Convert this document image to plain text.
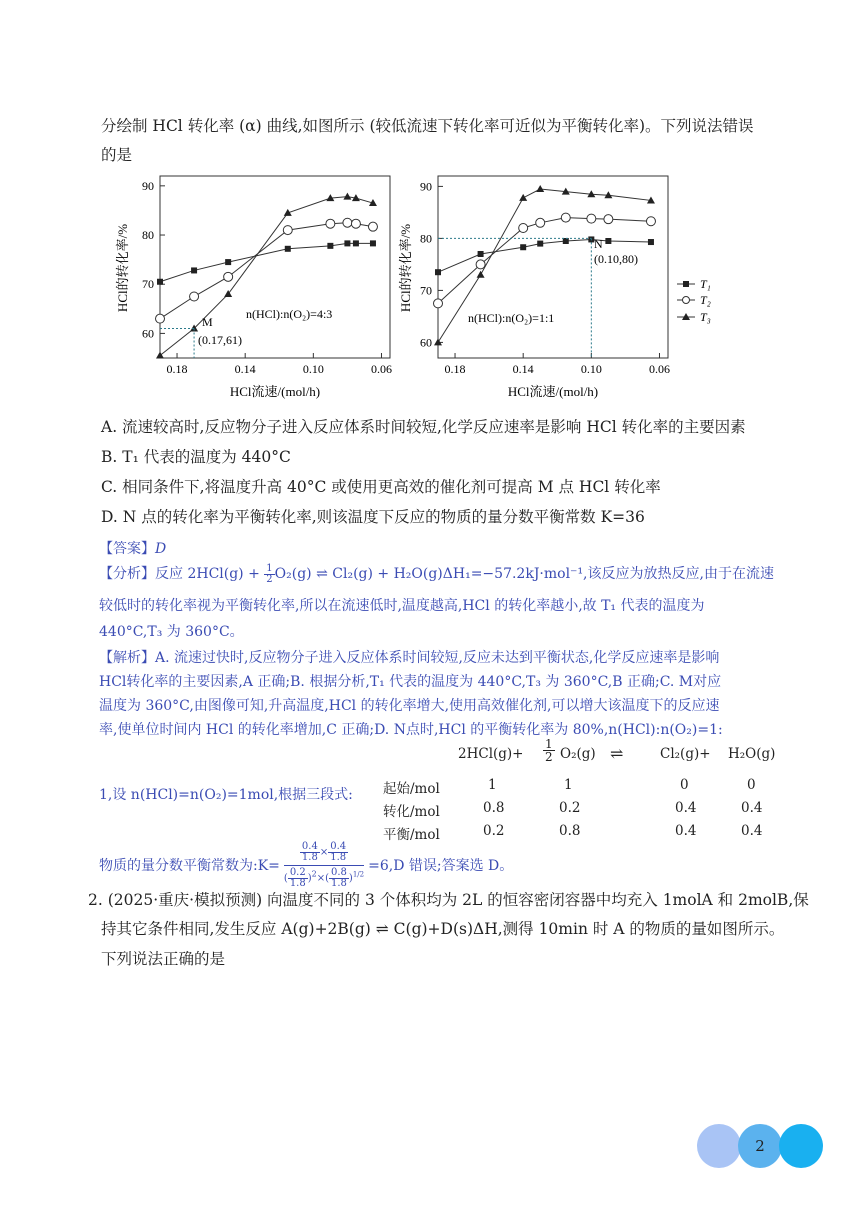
分绘制 HCl 转化率 (α) 曲线,如图所示 (较低流速下转化率可近似为平衡转化率)。下列说法错误
的是
90
80
70
60
0.18	0.14	0.10	0.06
90
80
70
60
0.18	0.14	0.10	0.06
HCl的转化率/%	HCl的转化率/%
HCl流速/(mol/h)	HCl流速/(mol/h)
n(HCl):n(O₂)=4:3	n(HCl):n(O₂)=1:1
M
(0.17,61)
N
(0.10,80)
T₁
T₂
T₃
A. 流速较高时,反应物分子进入反应体系时间较短,化学反应速率是影响 HCl 转化率的主要因素
B. T₁ 代表的温度为 440°C
C. 相同条件下,将温度升高 40°C 或使用更高效的催化剂可提高 M 点 HCl 转化率
D. N 点的转化率为平衡转化率,则该温度下反应的物质的量分数平衡常数 K=36
【答案】D
【分析】反应 $2HCl(g) + \frac{1}{2} O_2(g)$ ⇌ Cl₂(g) + H₂O(g)ΔH₁=−57.2kJ·mol⁻¹,该反应为放热反应,由于在流速
较低时的转化率视为平衡转化率,所以在流速低时,温度越高,HCl 的转化率越小,故 T₁ 代表的温度为
440°C,T₃ 为 360°C。
【解析】A. 流速过快时,反应物分子进入反应体系时间较短,反应未达到平衡状态,化学反应速率是影响
HCl转化率的主要因素,A 正确;B. 根据分析,T₁ 代表的温度为 440°C,T₃ 为 360°C,B 正确;C. M对应
温度为 360°C,由图像可知,升高温度,HCl 的转化率增大,使用高效催化剂,可以增大该温度下的反应速
率,使单位时间内 HCl 的转化率增加,C 正确;D. N点时,HCl 的平衡转化率为 80%,n(HCl):n(O₂)=1:
1,设 n(HCl)=n(O₂)=1mol,根据三段式:
$2HCl(g)+ \frac{1}{2} O_2(g)$ ⇌	Cl₂(g)+ H₂O(g)
起始/mol	1	1	0	0
转化/mol	0.8	0.2	0.4	0.4
平衡/mol	0.2	0.8	0.4	0.4
物质的量分数平衡常数为:K= $\frac{\frac{0.4}{1.8} \times \frac{0.4}{1.8}}{( \frac{0.2}{1.8} )^2\times( \frac{0.8}{1.8} )^{1/2}} =6,D$ 错误;答案选 D。
2. (2025·重庆·模拟预测) 向温度不同的 3 个体积均为 2L 的恒容密闭容器中均充入 1molA 和 2molB,保
持其它条件相同,发生反应 A(g)+2B(g) ⇌ C(g)+D(s)ΔH,测得 10min 时 A 的物质的量如图所示。
下列说法正确的是
2
